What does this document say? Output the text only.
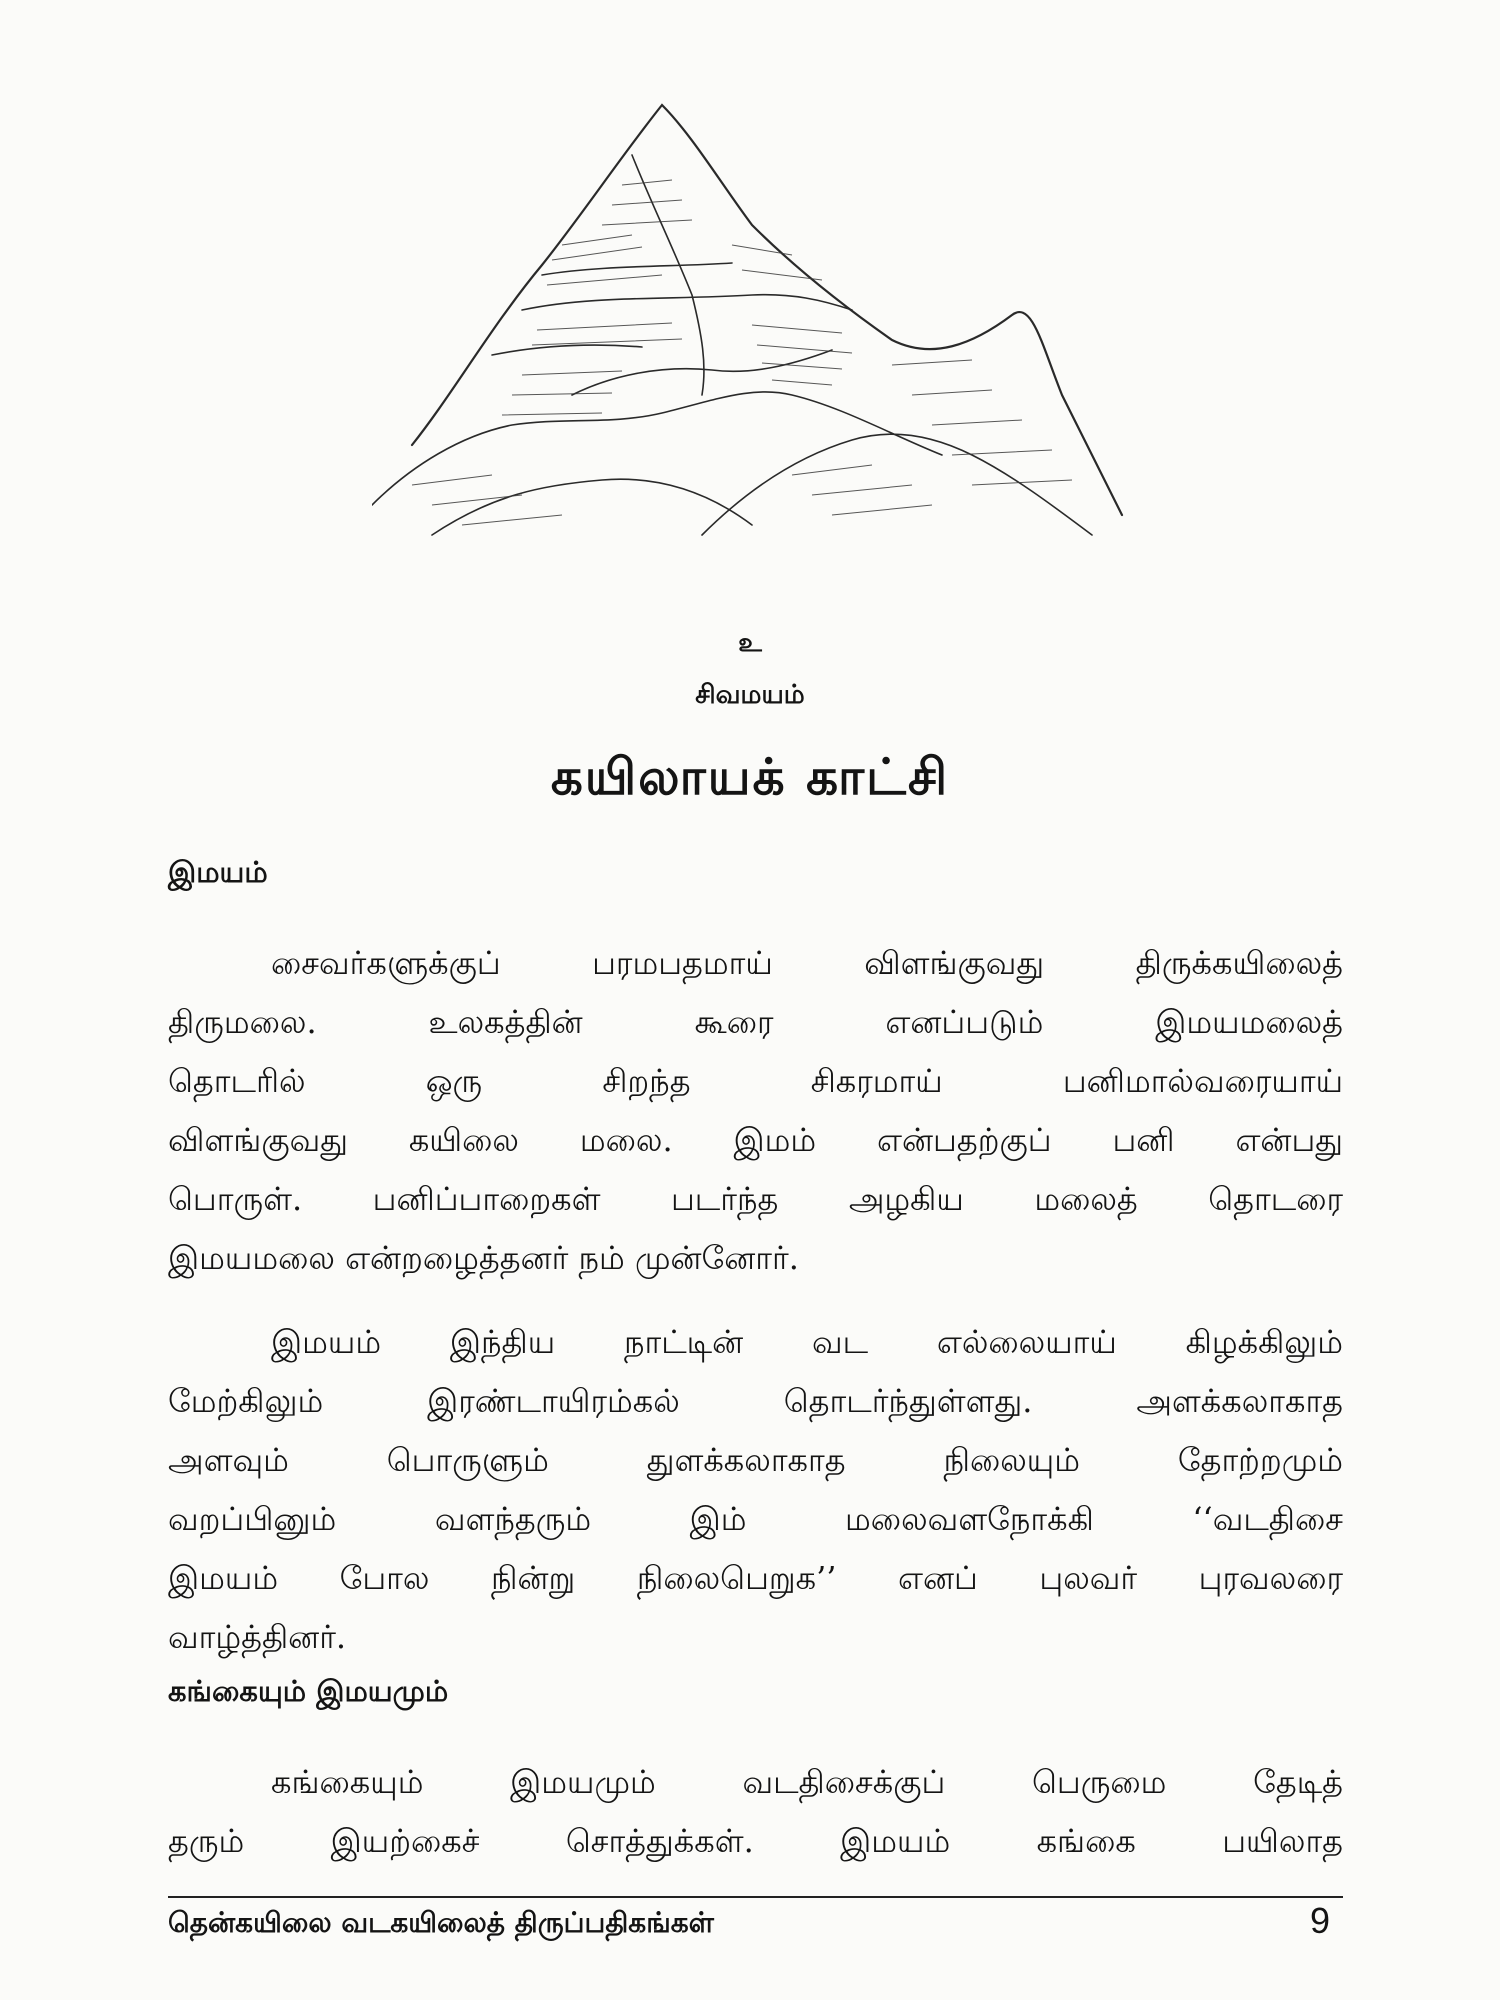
உ
சிவமயம்
கயிலாயக் காட்சி
இமயம்
சைவர்களுக்குப் பரமபதமாய் விளங்குவது திருக்கயிலைத்
திருமலை. உலகத்தின் கூரை எனப்படும் இமயமலைத்
தொடரில் ஒரு சிறந்த சிகரமாய் பனிமால்வரையாய்
விளங்குவது கயிலை மலை. இமம் என்பதற்குப் பனி என்பது
பொருள். பனிப்பாறைகள் படர்ந்த அழகிய மலைத் தொடரை
இமயமலை என்றழைத்தனர் நம் முன்னோர்.
இமயம் இந்திய நாட்டின் வட எல்லையாய் கிழக்கிலும்
மேற்கிலும் இரண்டாயிரம்கல் தொடர்ந்துள்ளது. அளக்கலாகாத
அளவும் பொருளும் துளக்கலாகாத நிலையும் தோற்றமும்
வறப்பினும் வளந்தரும் இம் மலைவளநோக்கி ‘‘வடதிசை
இமயம் போல நின்று நிலைபெறுக’’ எனப் புலவர் புரவலரை
வாழ்த்தினர்.
கங்கையும் இமயமும்
கங்கையும் இமயமும் வடதிசைக்குப் பெருமை தேடித்
தரும் இயற்கைச் சொத்துக்கள். இமயம் கங்கை பயிலாத
தென்கயிலை வடகயிலைத் திருப்பதிகங்கள்	9
